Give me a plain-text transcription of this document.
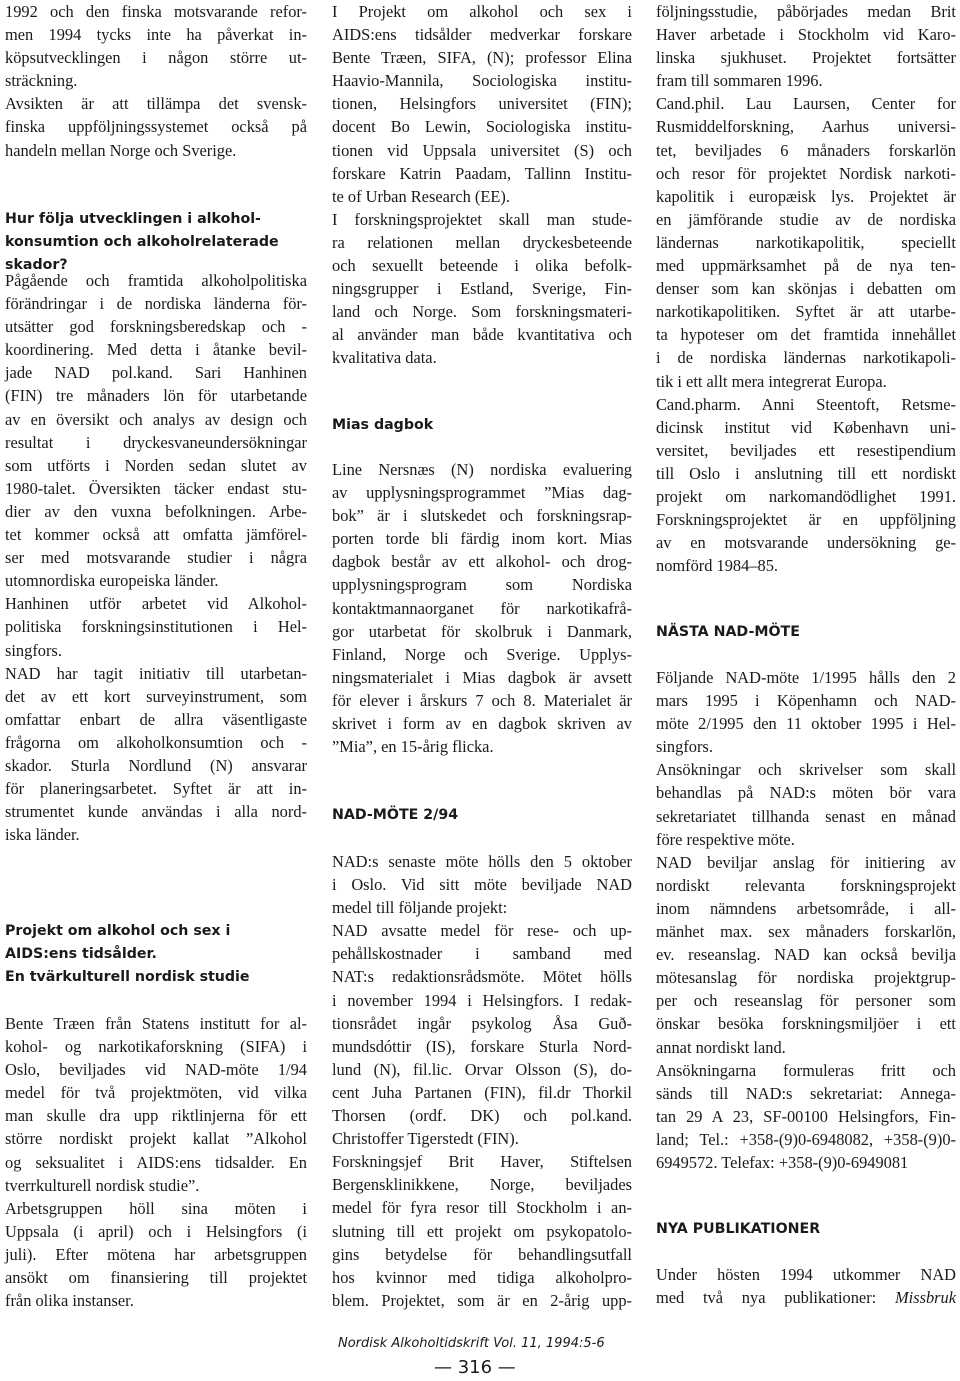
1992 och den finska motsvarande refor-
men 1994 tycks inte ha påverkat in-
köpsutvecklingen i någon större ut-
sträckning.
Avsikten är att tillämpa det svensk-
finska uppföljningssystemet också på
handeln mellan Norge och Sverige.
Hur följa utvecklingen i alkohol-
konsumtion och alkoholrelaterade
skador?
Pågående och framtida alkoholpolitiska
förändringar i de nordiska länderna för-
utsätter god forskningsberedskap och -
koordinering. Med detta i åtanke bevil-
jade NAD pol.kand. Sari Hanhinen
(FIN) tre månaders lön för utarbetande
av en översikt och analys av design och
resultat i dryckesvaneundersökningar
som utförts i Norden sedan slutet av
1980-talet. Översikten täcker endast stu-
dier av den vuxna befolkningen. Arbe-
tet kommer också att omfatta jämförel-
ser med motsvarande studier i några
utomnordiska europeiska länder.
Hanhinen utför arbetet vid Alkohol-
politiska forskningsinstitutionen i Hel-
singfors.
NAD har tagit initiativ till utarbetan-
det av ett kort surveyinstrument, som
omfattar enbart de allra väsentligaste
frågorna om alkoholkonsumtion och -
skador. Sturla Nordlund (N) ansvarar
för planeringsarbetet. Syftet är att in-
strumentet kunde användas i alla nord-
iska länder.
Projekt om alkohol och sex i
AIDS:ens tidsålder.
En tvärkulturell nordisk studie
Bente Træen från Statens institutt for al-
kohol- og narkotikaforskning (SIFA) i
Oslo, beviljades vid NAD-möte 1/94
medel för två projektmöten, vid vilka
man skulle dra upp riktlinjerna för ett
större nordiskt projekt kallat ”Alkohol
og seksualitet i AIDS:ens tidsalder. En
tverrkulturell nordisk studie”.
Arbetsgruppen höll sina möten i
Uppsala (i april) och i Helsingfors (i
juli). Efter mötena har arbetsgruppen
ansökt om finansiering till projektet
från olika instanser.
I Projekt om alkohol och sex i
AIDS:ens tidsålder medverkar forskare
Bente Træen, SIFA, (N); professor Elina
Haavio-Mannila, Sociologiska institu-
tionen, Helsingfors universitet (FIN);
docent Bo Lewin, Sociologiska institu-
tionen vid Uppsala universitet (S) och
forskare Katrin Paadam, Tallinn Institu-
te of Urban Research (EE).
I forskningsprojektet skall man stude-
ra relationen mellan dryckesbeteende
och sexuellt beteende i olika befolk-
ningsgrupper i Estland, Sverige, Fin-
land och Norge. Som forskningsmateri-
al använder man både kvantitativa och
kvalitativa data.
Mias dagbok
Line Nersnæs (N) nordiska evaluering
av upplysningsprogrammet ”Mias dag-
bok” är i slutskedet och forskningsrap-
porten torde bli färdig inom kort. Mias
dagbok består av ett alkohol- och drog-
upplysningsprogram som Nordiska
kontaktmannaorganet för narkotikafrå-
gor utarbetat för skolbruk i Danmark,
Finland, Norge och Sverige. Upplys-
ningsmaterialet i Mias dagbok är avsett
för elever i årskurs 7 och 8. Materialet är
skrivet i form av en dagbok skriven av
”Mia”, en 15-årig flicka.
NAD-MÖTE 2/94
NAD:s senaste möte hölls den 5 oktober
i Oslo. Vid sitt möte beviljade NAD
medel till följande projekt:
NAD avsatte medel för rese- och up-
pehållskostnader i samband med
NAT:s redaktionsrådsmöte. Mötet hölls
i november 1994 i Helsingfors. I redak-
tionsrådet ingår psykolog Åsa Guð-
mundsdóttir (IS), forskare Sturla Nord-
lund (N), fil.lic. Orvar Olsson (S), do-
cent Juha Partanen (FIN), fil.dr Thorkil
Thorsen (ordf. DK) och pol.kand.
Christoffer Tigerstedt (FIN).
Forskningsjef Brit Haver, Stiftelsen
Bergensklinikkene, Norge, beviljades
medel för fyra resor till Stockholm i an-
slutning till ett projekt om psykopatolo-
gins betydelse för behandlingsutfall
hos kvinnor med tidiga alkoholpro-
blem. Projektet, som är en 2-årig upp-
följningsstudie, påbörjades medan Brit
Haver arbetade i Stockholm vid Karo-
linska sjukhuset. Projektet fortsätter
fram till sommaren 1996.
Cand.phil. Lau Laursen, Center for
Rusmiddelforskning, Aarhus universi-
tet, beviljades 6 månaders forskarlön
och resor för projektet Nordisk narkoti-
kapolitik i europæisk lys. Projektet är
en jämförande studie av de nordiska
ländernas narkotikapolitik, speciellt
med uppmärksamhet på de nya ten-
denser som kan skönjas i debatten om
narkotikapolitiken. Syftet är att utarbe-
ta hypoteser om det framtida innehållet
i de nordiska ländernas narkotikapoli-
tik i ett allt mera integrerat Europa.
Cand.pharm. Anni Steentoft, Retsme-
dicinsk institut vid København uni-
versitet, beviljades ett resestipendium
till Oslo i anslutning till ett nordiskt
projekt om narkomandödlighet 1991.
Forskningsprojektet är en uppföljning
av en motsvarande undersökning ge-
nomförd 1984–85.
NÄSTA NAD-MÖTE
Följande NAD-möte 1/1995 hålls den 2
mars 1995 i Köpenhamn och NAD-
möte 2/1995 den 11 oktober 1995 i Hel-
singfors.
Ansökningar och skrivelser som skall
behandlas på NAD:s möten bör vara
sekretariatet tillhanda senast en månad
före respektive möte.
NAD beviljar anslag för initiering av
nordiskt relevanta forskningsprojekt
inom nämndens arbetsområde, i all-
mänhet max. sex månaders forskarlön,
ev. reseanslag. NAD kan också bevilja
mötesanslag för nordiska projektgrup-
per och reseanslag för personer som
önskar besöka forskningsmiljöer i ett
annat nordiskt land.
Ansökningarna formuleras fritt och
sänds till NAD:s sekretariat: Annega-
tan 29 A 23, SF-00100 Helsingfors, Fin-
land; Tel.: +358-(9)0-6948082, +358-(9)0-
6949572. Telefax: +358-(9)0-6949081
NYA PUBLIKATIONER
Under hösten 1994 utkommer NAD
med två nya publikationer: Missbruk
Nordisk Alkoholtidskrift Vol. 11, 1994:5-6
— 316 —
